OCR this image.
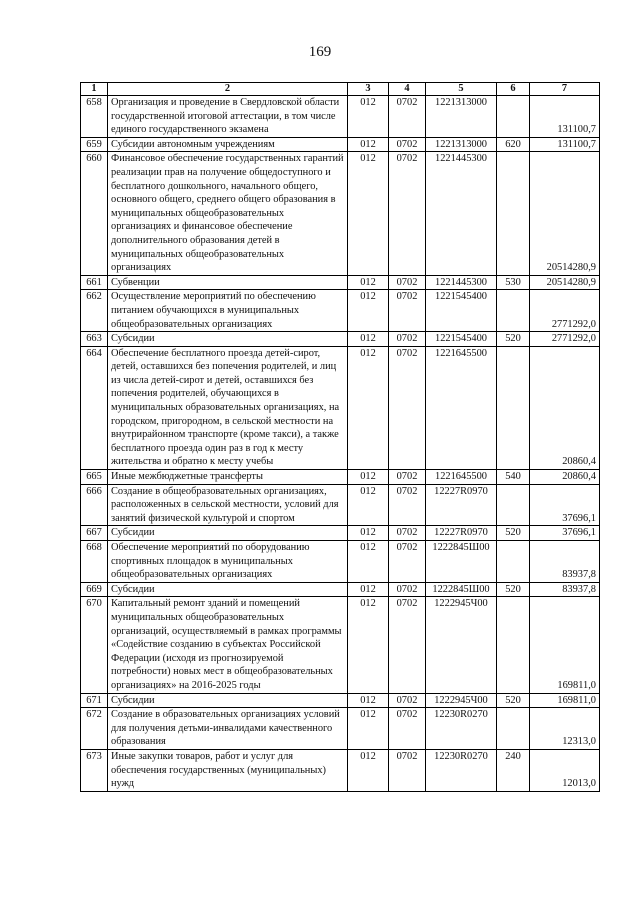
169
1	2	3	4	5	6	7
658	Организация и проведение в Свердловской области государственной итоговой аттестации, в том числе единого государственного экзамена	012	0702	1221313000		131100,7
659	Субсидии автономным учреждениям	012	0702	1221313000	620	131100,7
660	Финансовое обеспечение государственных гарантий реализации прав на получение общедоступного и бесплатного дошкольного, начального общего, основного общего, среднего общего образования в муниципальных общеобразовательных организациях и финансовое обеспечение дополнительного образования детей в муниципальных общеобразовательных организациях	012	0702	1221445300		20514280,9
661	Субвенции	012	0702	1221445300	530	20514280,9
662	Осуществление мероприятий по обеспечению питанием обучающихся в муниципальных общеобразовательных организациях	012	0702	1221545400		2771292,0
663	Субсидии	012	0702	1221545400	520	2771292,0
664	Обеспечение бесплатного проезда детей-сирот, детей, оставшихся без попечения родителей, и лиц из числа детей-сирот и детей, оставшихся без попечения родителей, обучающихся в муниципальных образовательных организациях, на городском, пригородном, в сельской местности на внутрирайонном транспорте (кроме такси), а также бесплатного проезда один раз в год к месту жительства и обратно к месту учебы	012	0702	1221645500		20860,4
665	Иные межбюджетные трансферты	012	0702	1221645500	540	20860,4
666	Создание в общеобразовательных организациях, расположенных в сельской местности, условий для занятий физической культурой и спортом	012	0702	12227R0970		37696,1
667	Субсидии	012	0702	12227R0970	520	37696,1
668	Обеспечение мероприятий по оборудованию спортивных площадок в муниципальных общеобразовательных организациях	012	0702	1222845Ш00		83937,8
669	Субсидии	012	0702	1222845Ш00	520	83937,8
670	Капитальный ремонт зданий и помещений муниципальных общеобразовательных организаций, осуществляемый в рамках программы «Содействие созданию в субъектах Российской Федерации (исходя из прогнозируемой потребности) новых мест в общеобразовательных организациях» на 2016-2025 годы	012	0702	1222945Ч00		169811,0
671	Субсидии	012	0702	1222945Ч00	520	169811,0
672	Создание в образовательных организациях условий для получения детьми-инвалидами качественного образования	012	0702	12230R0270		12313,0
673	Иные закупки товаров, работ и услуг для обеспечения государственных (муниципальных) нужд	012	0702	12230R0270	240	12013,0
